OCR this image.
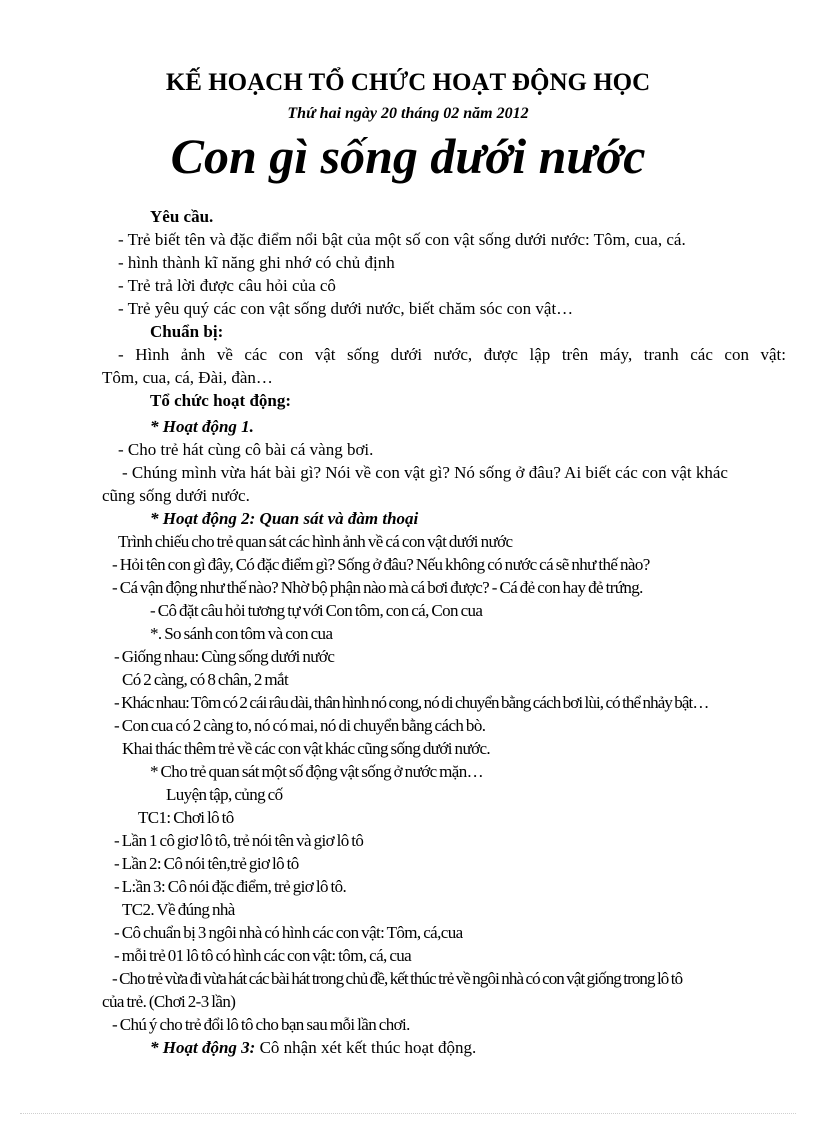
KẾ HOẠCH TỔ CHỨC HOẠT ĐỘNG HỌC
Thứ hai ngày 20 tháng 02 năm 2012
Con gì sống dưới nước
Yêu cầu.
- Trẻ biết tên và đặc điểm nổi bật của một số con vật sống dưới nước: Tôm, cua, cá.
- hình thành kĩ năng ghi nhớ có chủ định
- Trẻ trả lời được câu hỏi của cô
- Trẻ yêu quý các con vật sống dưới nước, biết chăm sóc con vật…
Chuẩn bị:
- Hình ảnh về các con vật sống dưới nước, được lập trên máy, tranh các con vật:
Tôm, cua, cá, Đài, đàn…
Tổ chức hoạt động:
* Hoạt động 1.
- Cho trẻ hát cùng cô bài cá vàng bơi.
- Chúng mình vừa hát bài gì? Nói về con vật gì? Nó sống ở đâu? Ai biết các con vật khác
cũng sống dưới nước.
* Hoạt động 2: Quan sát và đàm thoại
Trình chiếu cho trẻ quan sát các hình ảnh về cá con vật dưới nước
- Hỏi tên con gì đây, Có đặc điểm gì? Sống ở đâu? Nếu không có nước cá sẽ như thế nào?
- Cá vận động như thế nào? Nhờ bộ phận nào mà cá bơi được? - Cá đẻ con hay đẻ trứng.
- Cô đặt câu hỏi tương tự với Con tôm, con cá, Con cua
*. So sánh con tôm và con cua
- Giống nhau: Cùng sống dưới nước
Có 2 càng, có 8 chân, 2 mắt
- Khác nhau: Tôm có 2 cái râu dài, thân hình nó cong, nó di chuyển bằng cách bơi lùi, có thể nhảy bật…
- Con cua có 2 càng to, nó có mai, nó di chuyển bằng cách bò.
Khai thác thêm trẻ về các con vật khác cũng sống dưới nước.
* Cho trẻ quan sát một số động vật sống ở nước mặn…
Luyện tập, củng cố
TC1: Chơi lô tô
- Lần 1 cô giơ lô tô, trẻ nói tên và giơ lô tô
- Lần 2: Cô nói tên,trẻ giơ lô tô
- L:ần 3: Cô nói đặc điểm, trẻ giơ lô tô.
TC2. Về đúng nhà
- Cô chuẩn bị 3 ngôi nhà có hình các con vật: Tôm, cá,cua
- mỗi trẻ 01 lô tô có hình các con vật: tôm, cá, cua
- Cho trẻ vừa đi vừa hát các bài hát trong chủ đề, kết thúc trẻ về ngôi nhà có con vật giống trong lô tô
của trẻ. (Chơi 2-3 lần)
- Chú ý cho trẻ đổi lô tô cho bạn sau mỗi lần chơi.
* Hoạt động 3: Cô nhận xét kết thúc hoạt động.
